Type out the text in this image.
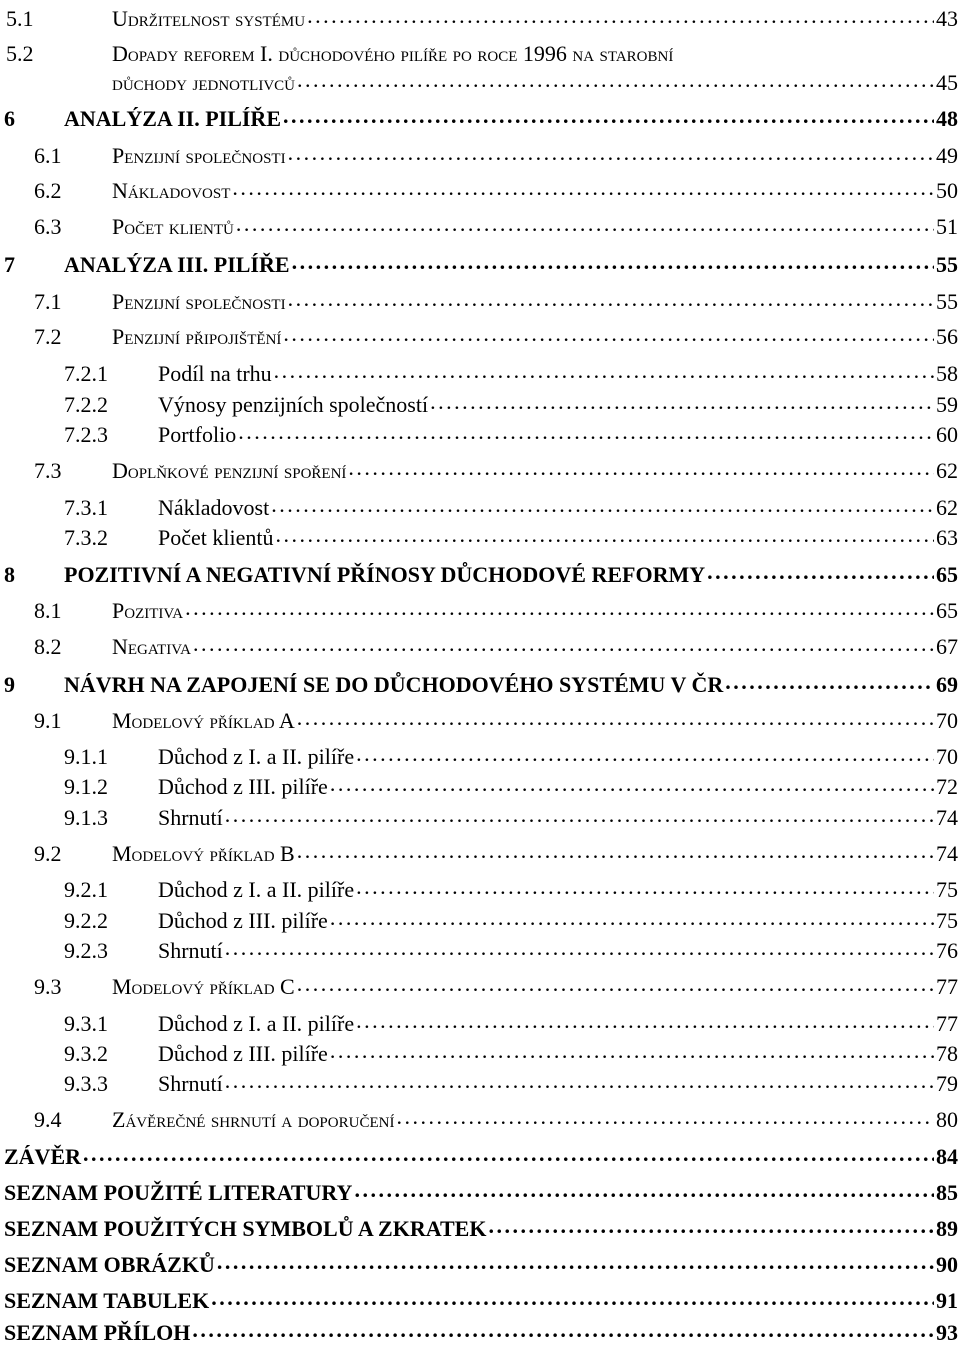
5.1	Udržitelnost systému . . .	43
5.2	Dopady reforem I. důchodového pilíře po roce 1996 na starobní
důchody jednotlivců . . .	45
6 ANALÝZA II. PILÍŘE . . .	48
6.1 Penzijní společnosti . . .	49
6.2 Nákladovost . . .	50
6.3 Počet klientů . . .	51
7 ANALÝZA III. PILÍŘE . . .	55
7.1 Penzijní společnosti . . .	55
7.2 Penzijní připojištění . . .	56
7.2.1 Podíl na trhu . . .	58
7.2.2 Výnosy penzijních společností . . .	59
7.2.3 Portfolio . . .	60
7.3 Doplňkové penzijní spoření . . .	62
7.3.1 Nákladovost . . .	62
7.3.2 Počet klientů . . .	63
8 POZITIVNÍ A NEGATIVNÍ PŘÍNOSY DŮCHODOVÉ REFORMY . . .	65
8.1 Pozitiva . . .	65
8.2 Negativa . . .	67
9 NÁVRH NA ZAPOJENÍ SE DO DŮCHODOVÉHO SYSTÉMU V ČR . . .	69
9.1 Modelový příklad A . . .	70
9.1.1 Důchod z I. a II. pilíře . . .	70
9.1.2 Důchod z III. pilíře . . .	72
9.1.3 Shrnutí . . .	74
9.2 Modelový příklad B . . .	74
9.2.1 Důchod z I. a II. pilíře . . .	75
9.2.2 Důchod z III. pilíře . . .	75
9.2.3 Shrnutí . . .	76
9.3 Modelový příklad C . . .	77
9.3.1 Důchod z I. a II. pilíře . . .	77
9.3.2 Důchod z III. pilíře . . .	78
9.3.3 Shrnutí . . .	79
9.4 Závěrečné shrnutí a doporučení . . .	80
ZÁVĚR . . .	84
SEZNAM POUŽITÉ LITERATURY . . .	85
SEZNAM POUŽITÝCH SYMBOLŮ A ZKRATEK . . .	89
SEZNAM OBRÁZKŮ . . .	90
SEZNAM TABULEK . . .	91
SEZNAM PŘÍLOH . . .	93
